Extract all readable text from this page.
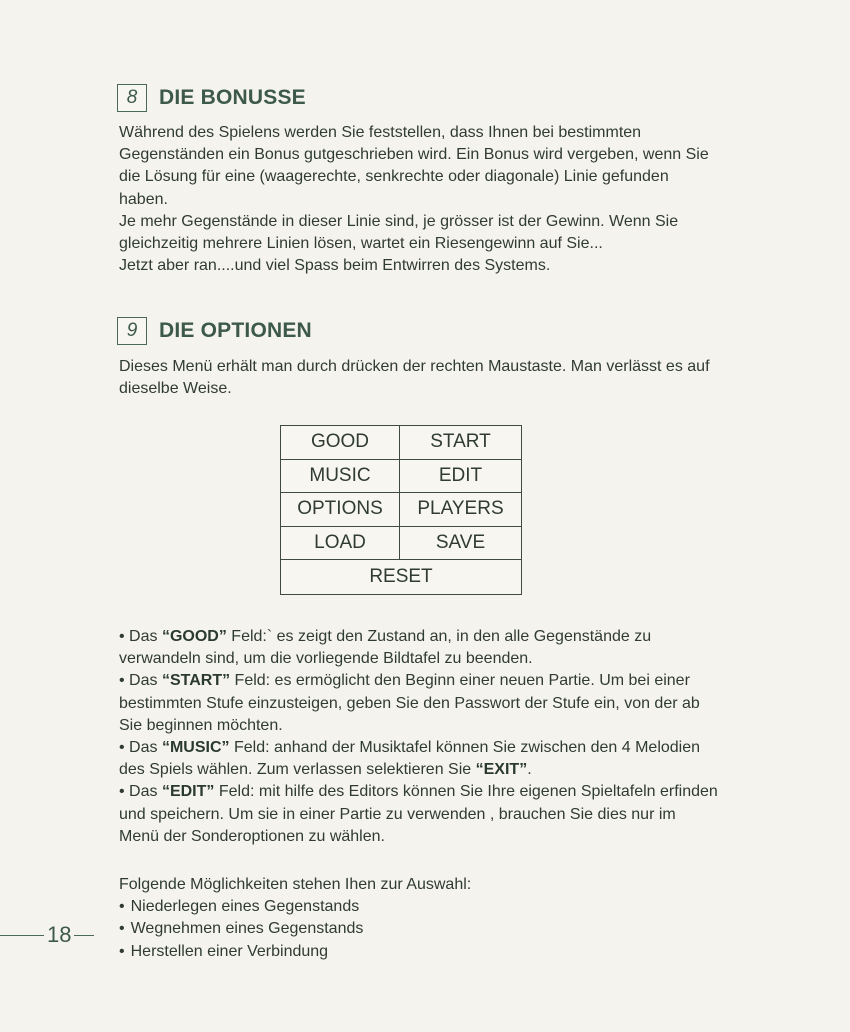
8	DIE BONUSSE

Während des Spielens werden Sie feststellen, dass Ihnen bei bestimmten

Gegenständen ein Bonus gutgeschrieben wird. Ein Bonus wird vergeben, wenn Sie

die Lösung für eine (waagerechte, senkrechte oder diagonale) Linie gefunden

haben.

Je mehr Gegenstände in dieser Linie sind, je grösser ist der Gewinn. Wenn Sie

gleichzeitig mehrere Linien lösen, wartet ein Riesengewinn auf Sie...

Jetzt aber ran....und viel Spass beim Entwirren des Systems.

9	DIE OPTIONEN

Dieses Menü erhält man durch drücken der rechten Maustaste. Man verlässt es auf

dieselbe Weise.

GOOD	START
MUSIC	EDIT
OPTIONS	PLAYERS
LOAD	SAVE
RESET

• Das “GOOD” Feld:` es zeigt den Zustand an, in den alle Gegenstände zu
verwandeln sind, um die vorliegende Bildtafel zu beenden.

• Das “START” Feld: es ermöglicht den Beginn einer neuen Partie. Um bei einer
bestimmten Stufe einzusteigen, geben Sie den Passwort der Stufe ein, von der ab
Sie beginnen möchten.

• Das “MUSIC” Feld: anhand der Musiktafel können Sie zwischen den 4 Melodien
des Spiels wählen. Zum verlassen selektieren Sie “EXIT”.

• Das “EDIT” Feld: mit hilfe des Editors können Sie Ihre eigenen Spieltafeln erfinden
und speichern. Um sie in einer Partie zu verwenden , brauchen Sie dies nur im
Menü der Sonderoptionen zu wählen.

Folgende Möglichkeiten stehen Ihen zur Auswahl:

• Niederlegen eines Gegenstands

• Wegnehmen eines Gegenstands

• Herstellen einer Verbindung

18
